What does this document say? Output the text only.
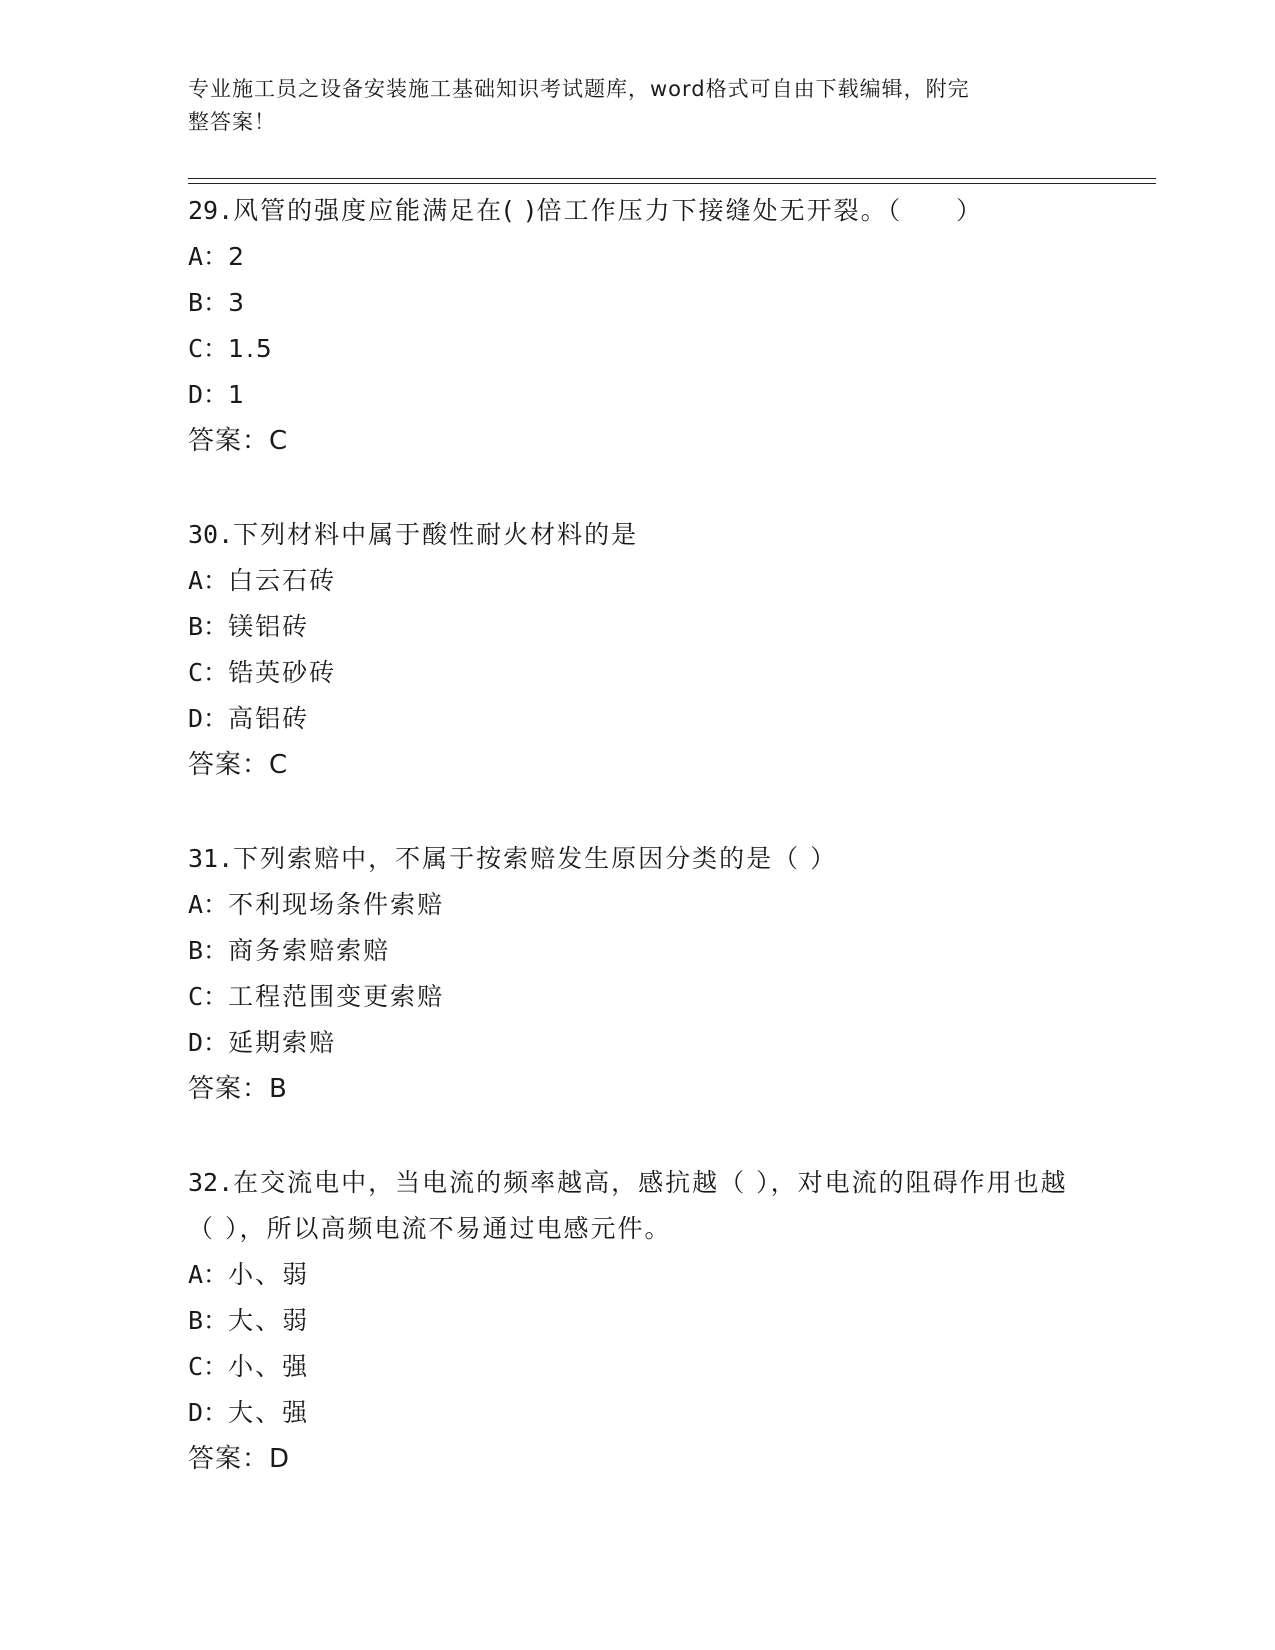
专业施工员之设备安装施工基础知识考试题库，word格式可自由下载编辑，附完
整答案！
29.风管的强度应能满足在( )倍工作压力下接缝处无开裂。（　　）
A：2
B：3
C：1.5
D：1
答案：C
30.下列材料中属于酸性耐火材料的是
A：白云石砖
B：镁铝砖
C：锆英砂砖
D：高铝砖
答案：C
31.下列索赔中，不属于按索赔发生原因分类的是（ ）
A：不利现场条件索赔
B：商务索赔索赔
C：工程范围变更索赔
D：延期索赔
答案：B
32.在交流电中，当电流的频率越高，感抗越（ ），对电流的阻碍作用也越（ ），所以高频电流不易通过电感元件。
A：小、弱
B：大、弱
C：小、强
D：大、强
答案：D
